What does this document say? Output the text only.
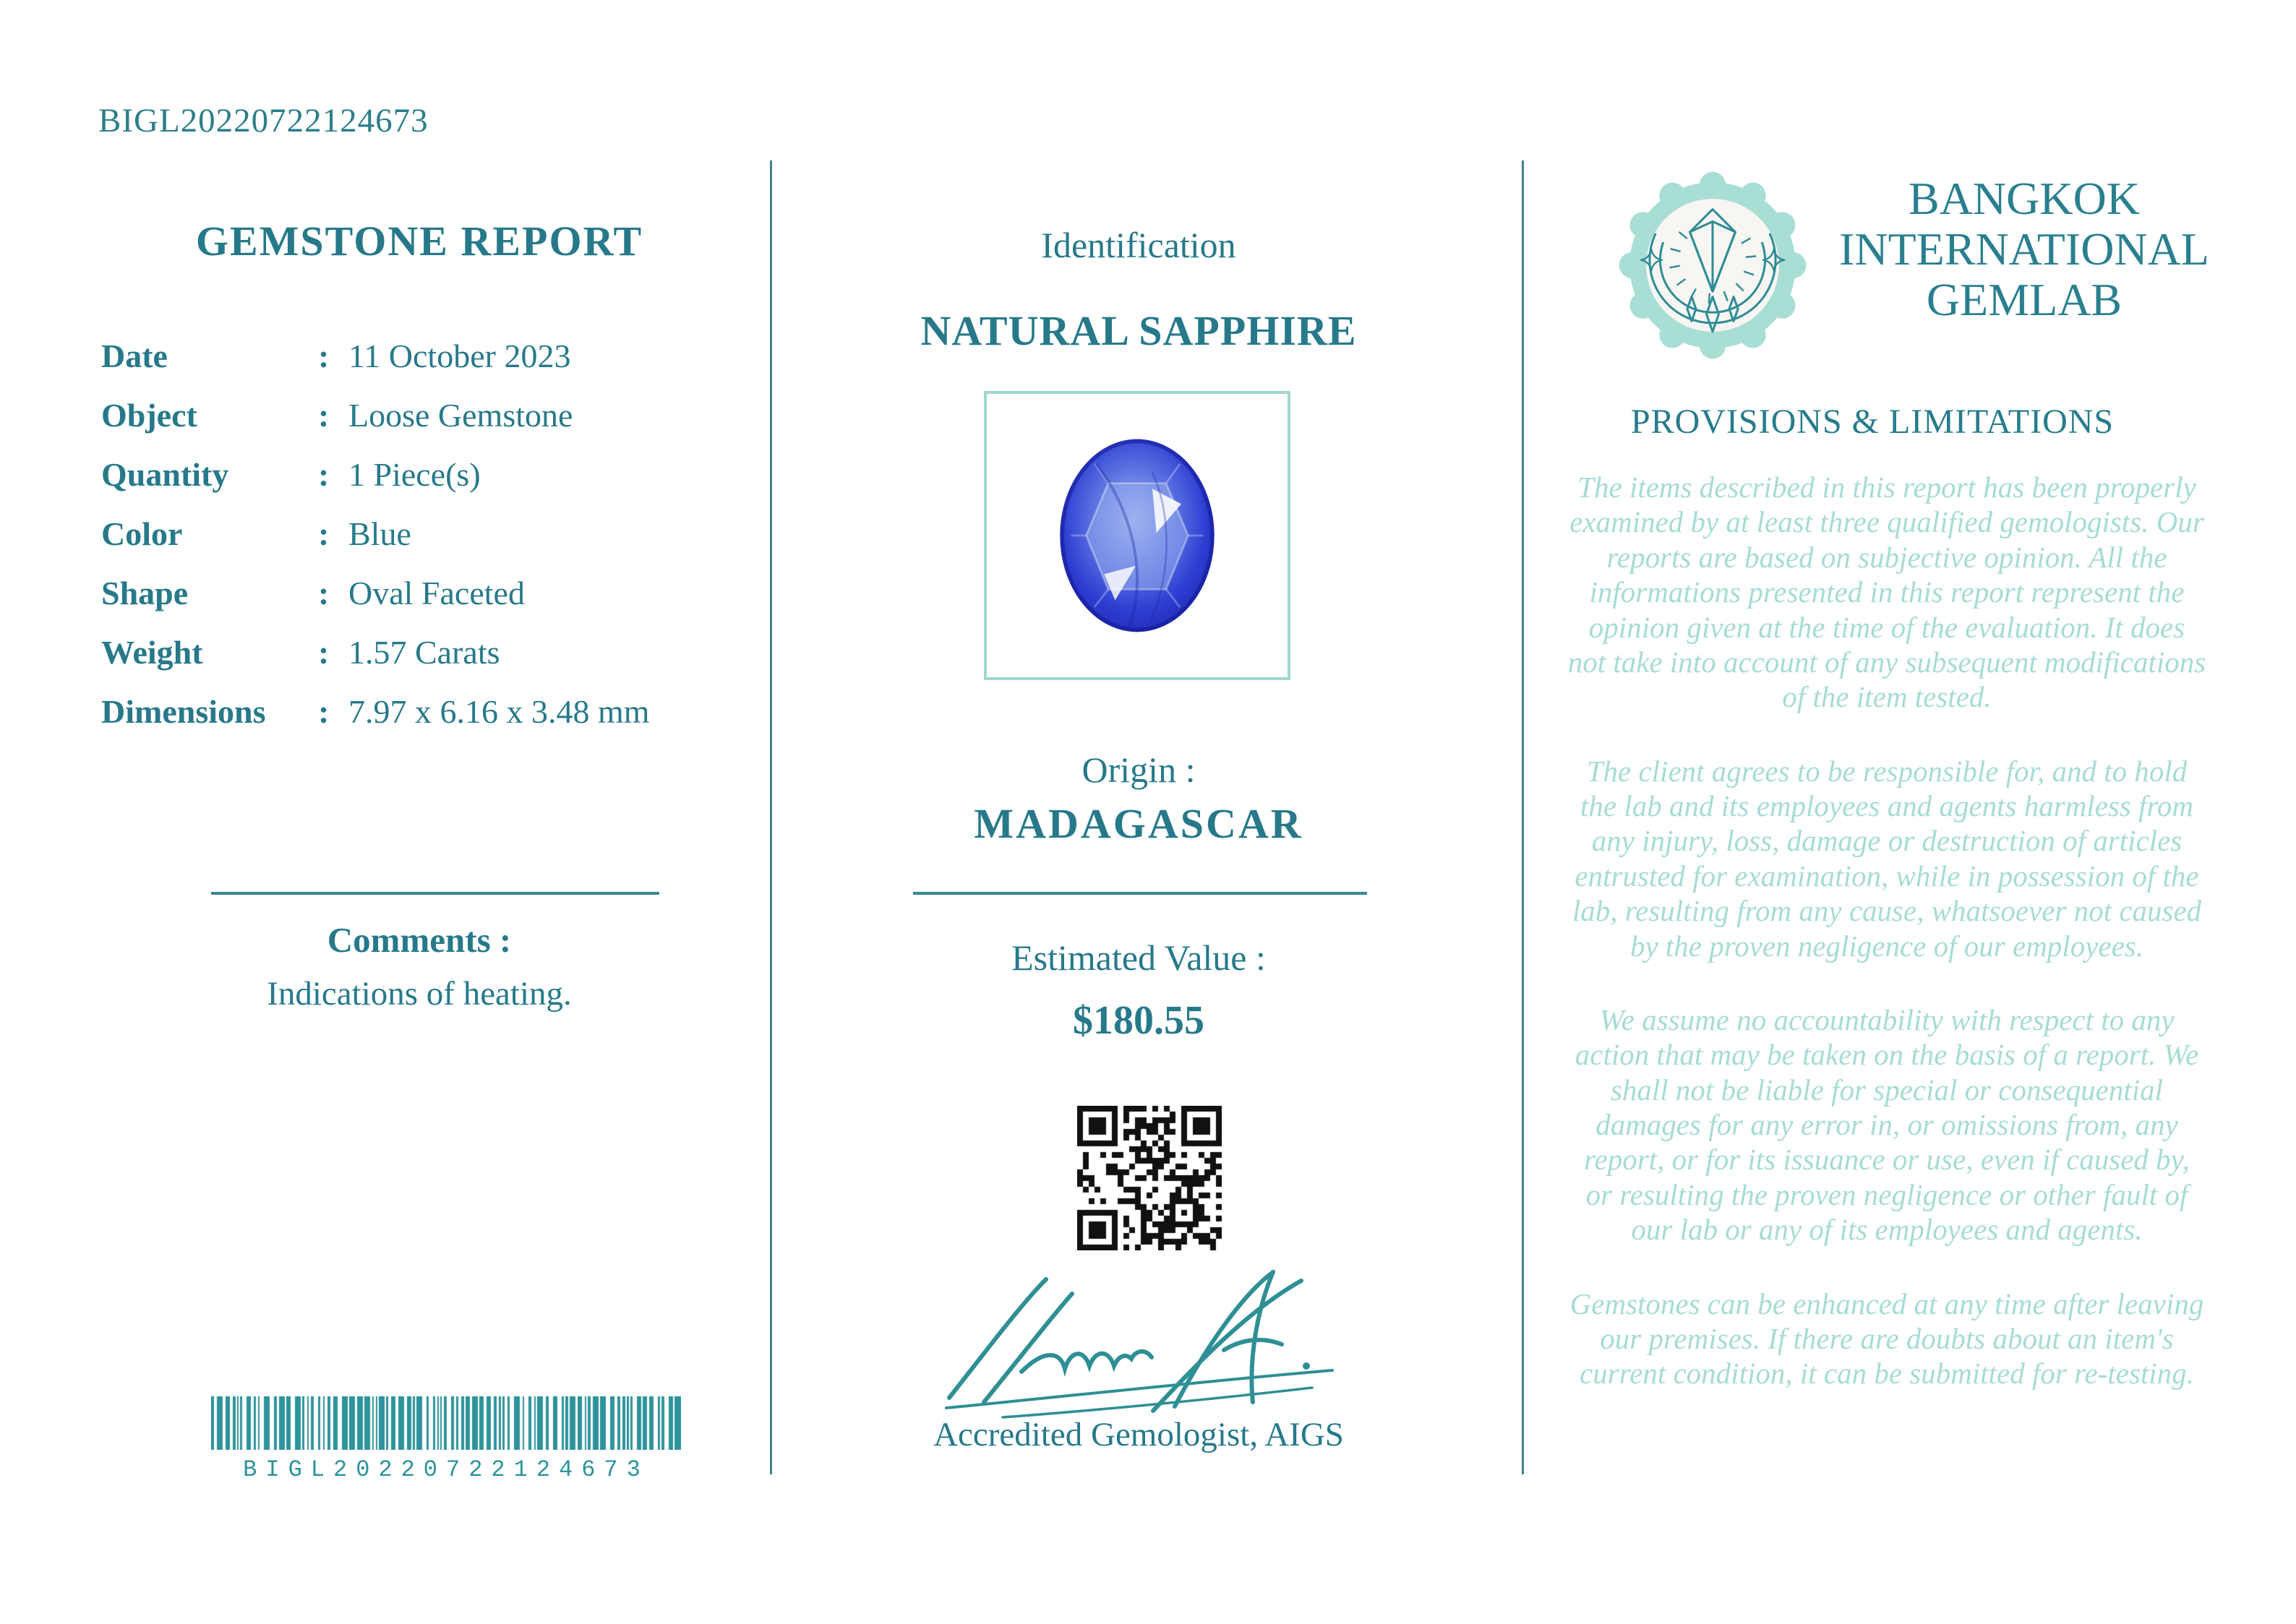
BIGL20220722124673
GEMSTONE REPORT
Date	: 11 October 2023
Object	: Loose Gemstone
Quantity	: 1 Piece(s)
Color	: Blue
Shape	: Oval Faceted
Weight	: 1.57 Carats
Dimensions	: 7.97 x 6.16 x 3.48 mm
Comments :
Indications of heating.
BIGL20220722124673
Identification
NATURAL SAPPHIRE
Origin :
MADAGASCAR
Estimated Value :
$180.55
Accredited Gemologist, AIGS
BANGKOK
INTERNATIONAL
GEMLAB
PROVISIONS & LIMITATIONS

The items described in this report has been properly examined by at least three qualified gemologists. Our reports are based on subjective opinion. All the informations presented in this report represent the opinion given at the time of the evaluation. It does not take into account of any subsequent modifications of the item tested.

The client agrees to be responsible for, and to hold the lab and its employees and agents harmless from any injury, loss, damage or destruction of articles entrusted for examination, while in possession of the lab, resulting from any cause, whatsoever not caused by the proven negligence of our employees.

We assume no accountability with respect to any action that may be taken on the basis of a report. We shall not be liable for special or consequential damages for any error in, or omissions from, any report, or for its issuance or use, even if caused by, or resulting the proven negligence or other fault of our lab or any of its employees and agents.

Gemstones can be enhanced at any time after leaving our premises. If there are doubts about an item's current condition, it can be submitted for re-testing.
